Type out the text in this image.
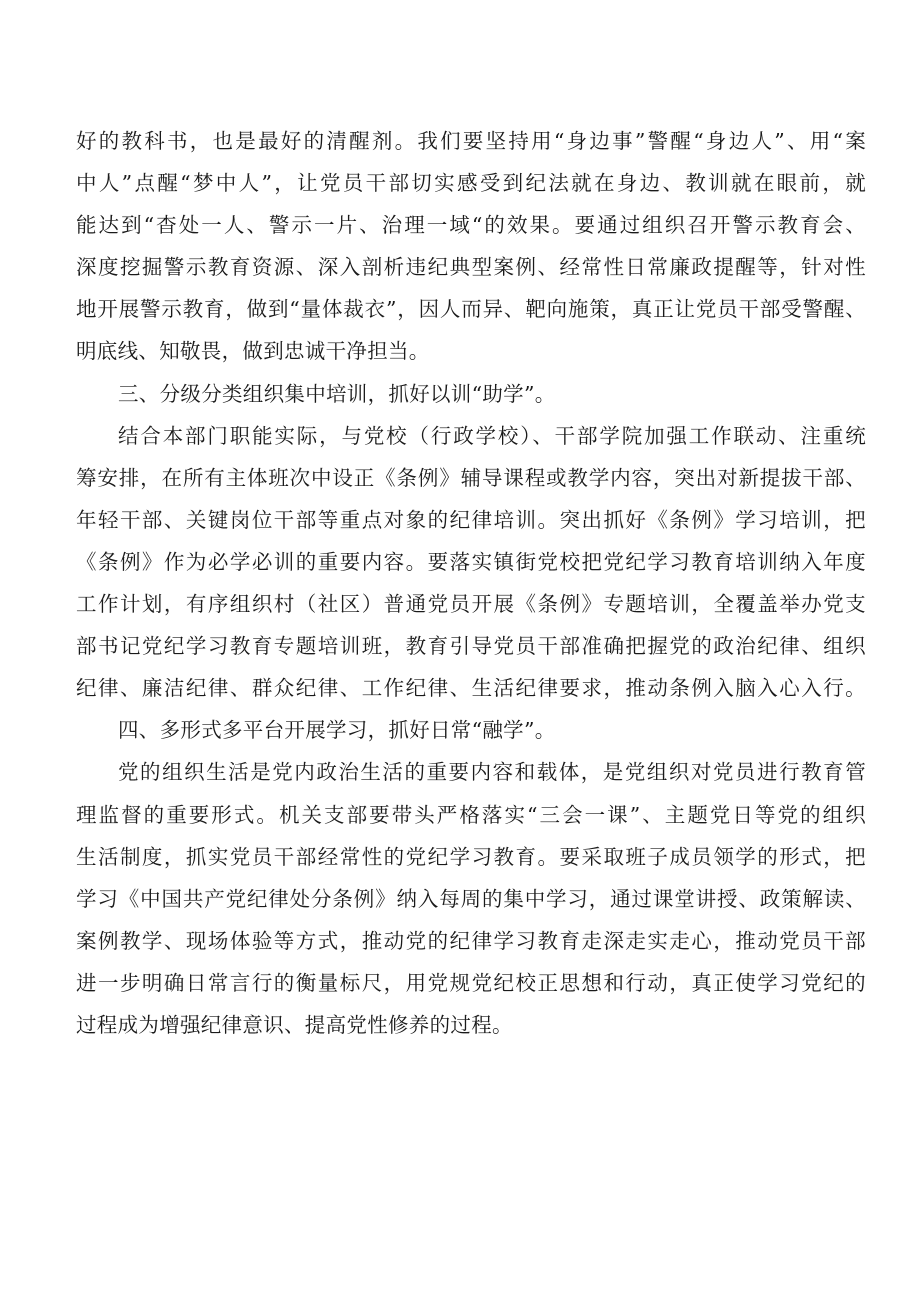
好的教科书，也是最好的清醒剂。我们要坚持用“身边事”警醒“身边人”、用“案
中人”点醒“梦中人”，让党员干部切实感受到纪法就在身边、教训就在眼前，就
能达到“杳处一人、警示一片、治理一域“的效果。要通过组织召开警示教育会、
深度挖掘警示教育资源、深入剖析违纪典型案例、经常性日常廉政提醒等，针对性
地开展警示教育，做到“量体裁衣”，因人而异、靶向施策，真正让党员干部受警醒、
明底线、知敬畏，做到忠诚干净担当。
三、分级分类组织集中培训，抓好以训“助学”。
结合本部门职能实际，与党校（行政学校）、干部学院加强工作联动、注重统
筹安排，在所有主体班次中设正《条例》辅导课程或教学内容，突出对新提拔干部、
年轻干部、关键岗位干部等重点对象的纪律培训。突出抓好《条例》学习培训，把
《条例》作为必学必训的重要内容。要落实镇街党校把党纪学习教育培训纳入年度
工作计划，有序组织村（社区）普通党员开展《条例》专题培训，全覆盖举办党支
部书记党纪学习教育专题培训班，教育引导党员干部准确把握党的政治纪律、组织
纪律、廉洁纪律、群众纪律、工作纪律、生活纪律要求，推动条例入脑入心入行。
四、多形式多平台开展学习，抓好日常“融学”。
党的组织生活是党内政治生活的重要内容和载体，是党组织对党员进行教育管
理监督的重要形式。机关支部要带头严格落实“三会一课”、主题党日等党的组织
生活制度，抓实党员干部经常性的党纪学习教育。要采取班子成员领学的形式，把
学习《中国共产党纪律处分条例》纳入每周的集中学习，通过课堂讲授、政策解读、
案例教学、现场体验等方式，推动党的纪律学习教育走深走实走心，推动党员干部
进一步明确日常言行的衡量标尺，用党规党纪校正思想和行动，真正使学习党纪的
过程成为增强纪律意识、提高党性修养的过程。
